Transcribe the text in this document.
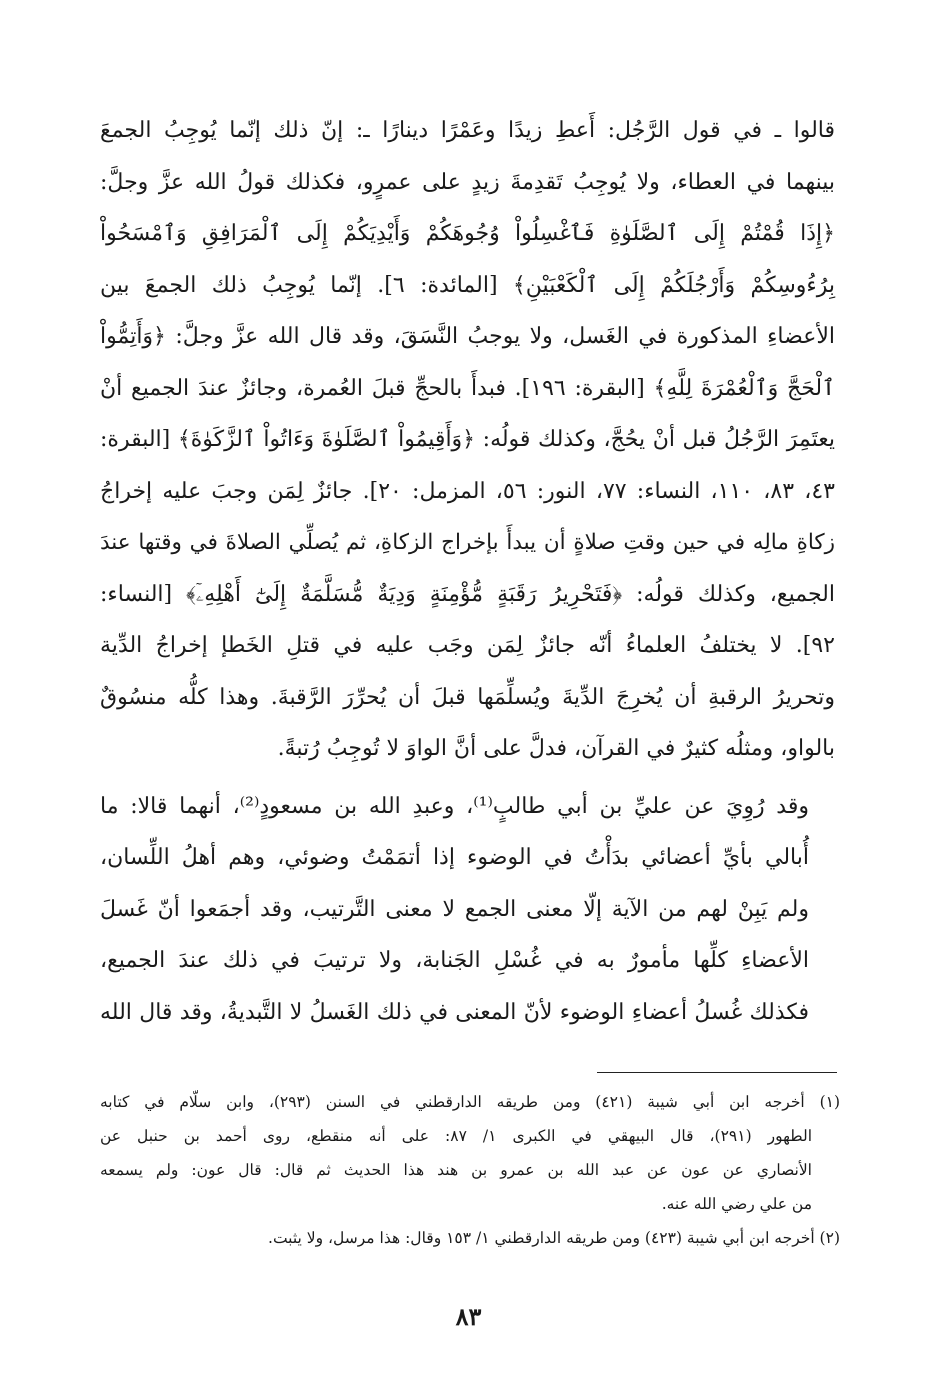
قالوا ـ في قول الرَّجُل: أَعطِ زيدًا وعَمْرًا دينارًا ـ: إنّ ذلك إنّما يُوجِبُ الجمعَ
بينهما في العطاء، ولا يُوجِبُ تَقدِمةَ زيدٍ على عمرٍو، فكذلك قولُ الله عزَّ وجلَّ:
﴿إِذَا قُمْتُمْ إِلَى ٱلصَّلَوٰةِ فَٱغْسِلُواْ وُجُوهَكُمْ وَأَيْدِيَكُمْ إِلَى ٱلْمَرَافِقِ وَٱمْسَحُواْ
بِرُءُوسِكُمْ وَأَرْجُلَكُمْ إِلَى ٱلْكَعْبَيْنِ﴾ [المائدة: ٦]. إنّما يُوجِبُ ذلك الجمعَ بين
الأعضاءِ المذكورة في الغَسل، ولا يوجبُ النَّسَقَ، وقد قال الله عزَّ وجلَّ: ﴿وَأَتِمُّواْ
ٱلْحَجَّ وَٱلْعُمْرَةَ لِلَّهِ﴾ [البقرة: ١٩٦]. فبدأَ بالحجِّ قبلَ العُمرة، وجائزٌ عندَ الجميع أنْ
يعتَمِرَ الرَّجُلُ قبل أنْ يحُجَّ، وكذلك قولُه: ﴿وَأَقِيمُواْ ٱلصَّلَوٰةَ وَءَاتُواْ ٱلزَّكَوٰةَ﴾ [البقرة:
٤٣، ٨٣، ١١٠، النساء: ٧٧، النور: ٥٦، المزمل: ٢٠]. جائزٌ لِمَن وجبَ عليه إخراجُ
زكاةِ مالِه في حين وقتِ صلاةٍ أن يبدأَ بإخراج الزكاةِ، ثم يُصلِّي الصلاةَ في وقتها عندَ
الجميع، وكذلك قولُه: ﴿فَتَحْرِيرُ رَقَبَةٍ مُّؤْمِنَةٍ وَدِيَةٌ مُّسَلَّمَةٌ إِلَىٰٓ أَهْلِهِۦٓ﴾ [النساء:
٩٢]. لا يختلفُ العلماءُ أنّه جائزٌ لِمَن وجَب عليه في قتلِ الخَطإ إخراجُ الدِّية
وتحريرُ الرقبةِ أن يُخرِجَ الدِّيةَ ويُسلِّمَها قبلَ أن يُحرِّرَ الرَّقبةَ. وهذا كلُّه منسُوقٌ
بالواو، ومثلُه كثيرٌ في القرآن، فدلَّ على أنَّ الواوَ لا تُوجِبُ رُتبةً.

وقد رُوِيَ عن عليِّ بن أبي طالبٍ⁽¹⁾، وعبدِ الله بن مسعودٍ⁽²⁾، أنهما قالا: ما
أُبالي بأيِّ أعضائي بدَأْتُ في الوضوء إذا أتمَمْتُ وضوئي، وهم أهلُ اللِّسان،
ولم يَبِنْ لهم من الآية إلّا معنى الجمع لا معنى التَّرتيب، وقد أجمَعوا أنّ غَسلَ
الأعضاءِ كلِّها مأمورٌ به في غُسْلِ الجَنابة، ولا ترتيبَ في ذلك عندَ الجميع،
فكذلك غُسلُ أعضاءِ الوضوء لأنّ المعنى في ذلك الغَسلُ لا التَّبديةُ، وقد قال الله

(١) أخرجه ابن أبي شيبة (٤٢١) ومن طريقه الدارقطني في السنن (٢٩٣)، وابن سلّام في كتابه
الطهور (٢٩١)، قال البيهقي في الكبرى ١/ ٨٧: على أنه منقطع، روى أحمد بن حنبل عن
الأنصاري عن عون عن عبد الله بن عمرو بن هند هذا الحديث ثم قال: قال عون: ولم يسمعه
من علي رضي الله عنه.
(٢) أخرجه ابن أبي شيبة (٤٢٣) ومن طريقه الدارقطني ١/ ١٥٣ وقال: هذا مرسل، ولا يثبت.
٨٣
